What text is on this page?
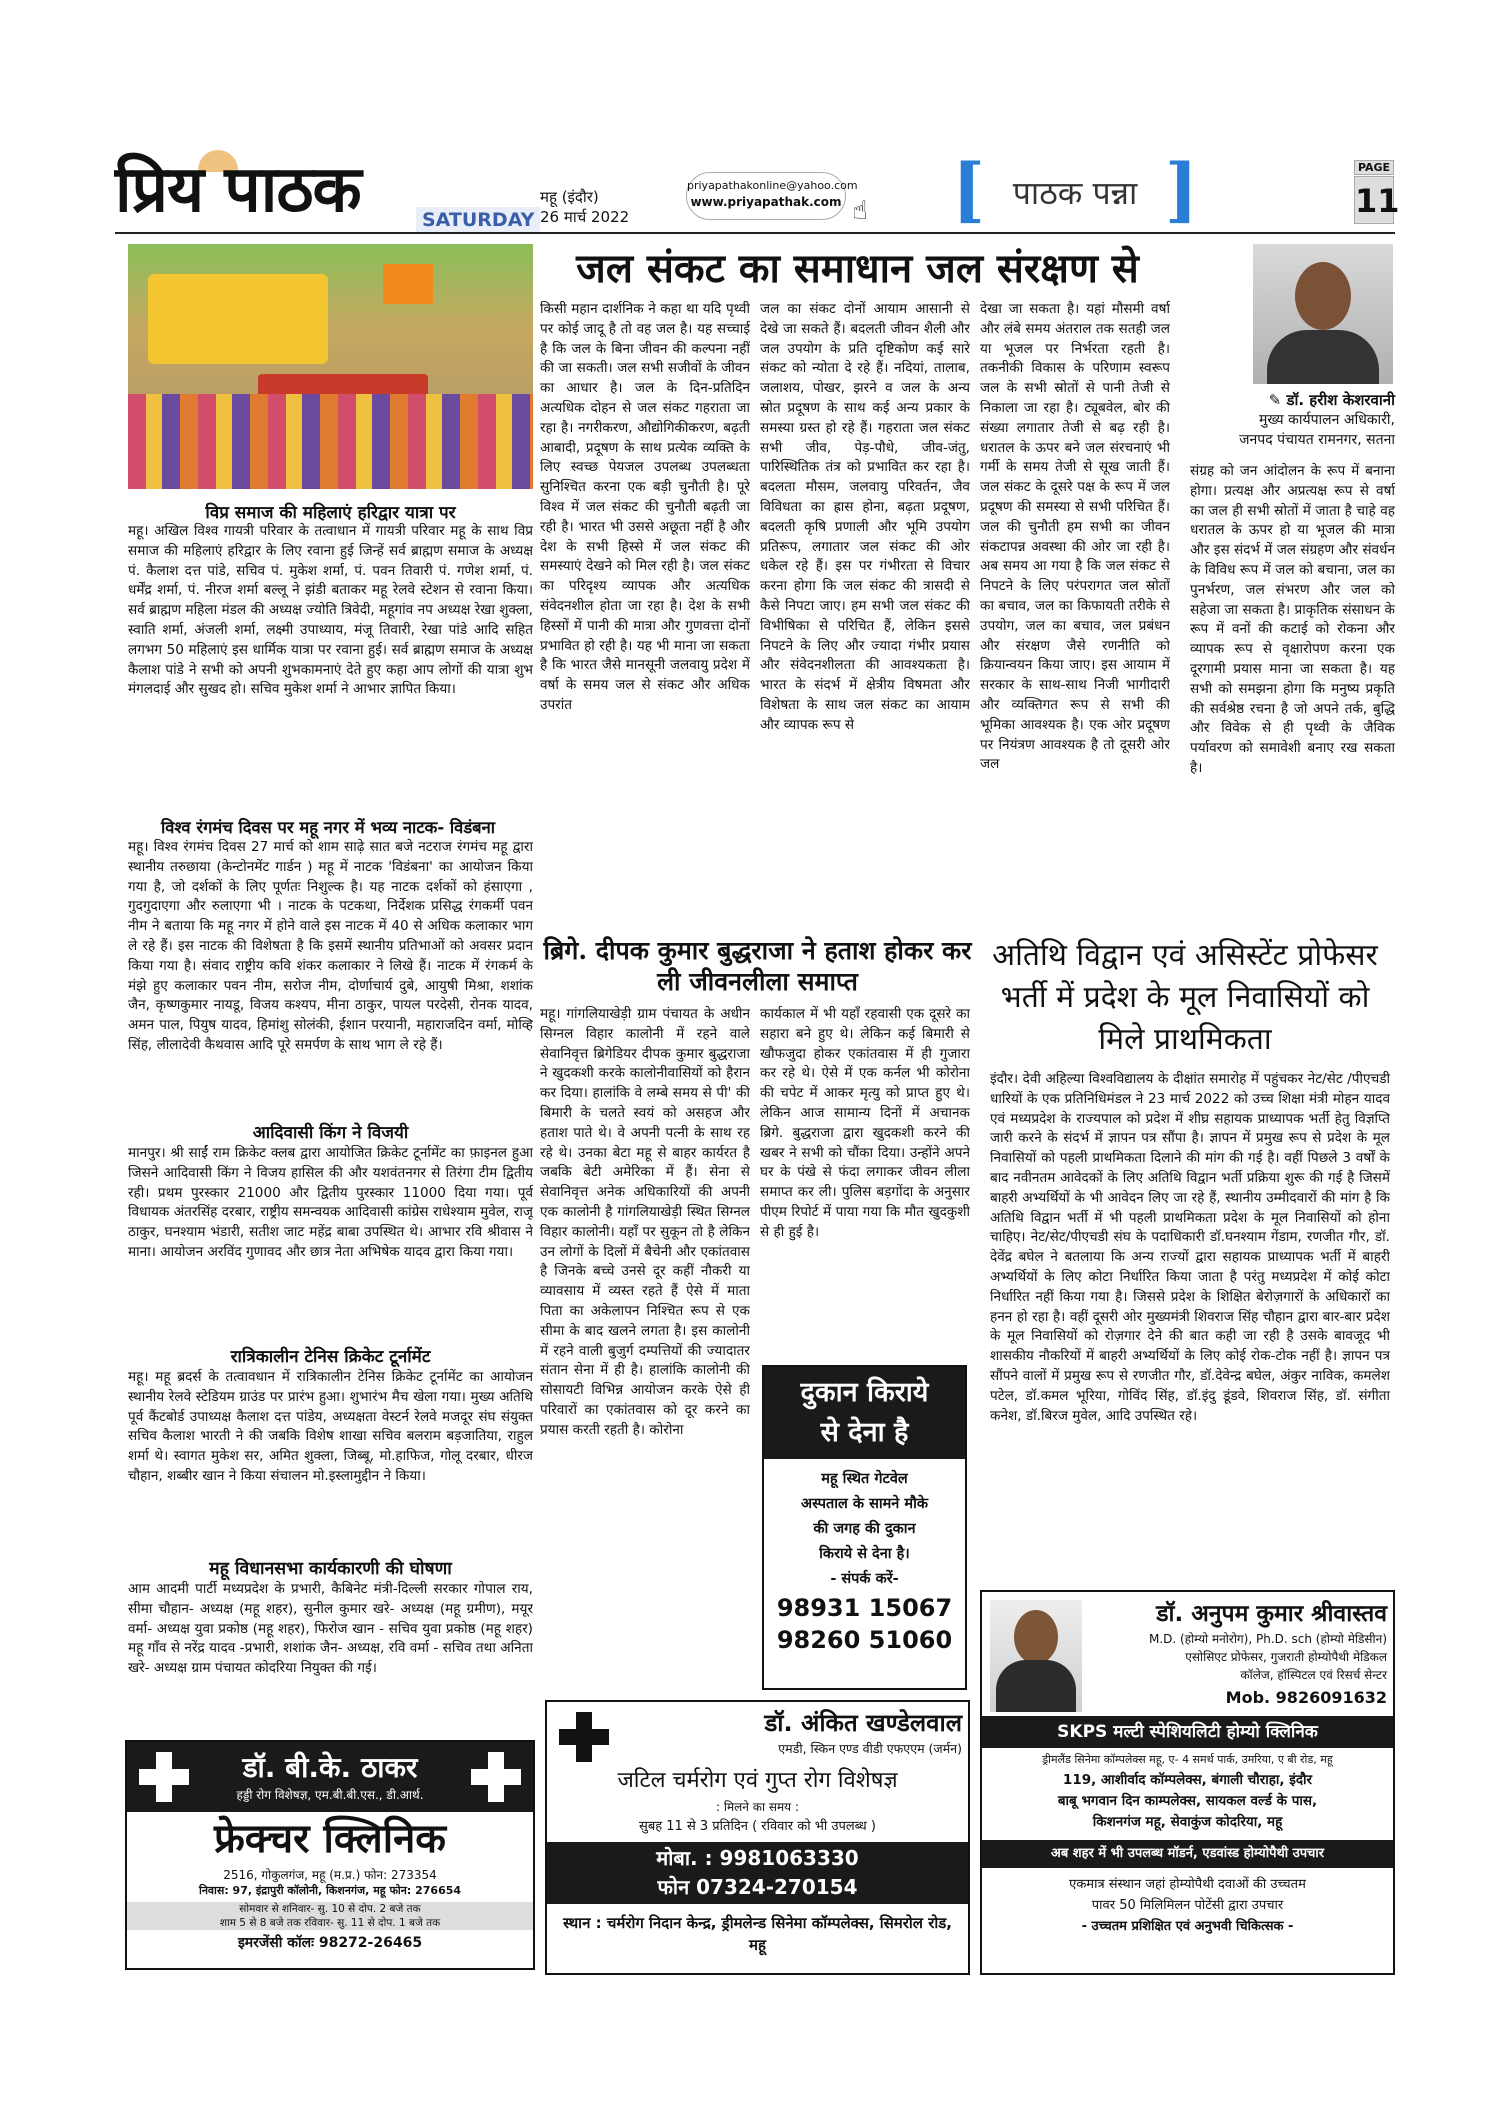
प्रिय पाठक	SATURDAY
महू (इंदौर)
26 मार्च 2022
priyapathakonline@yahoo.com
www.priyapathak.com ☝ [ पाठक पन्ना ]	PAGE
11
विप्र समाज की महिलाएं हरिद्वार यात्रा पर
महू। अखिल विश्व गायत्री परिवार के तत्वाधान में गायत्री परिवार महू के साथ विप्र समाज की महिलाएं हरिद्वार के लिए रवाना हुई जिन्हें सर्व ब्राह्मण समाज के अध्यक्ष पं. कैलाश दत्त पांडे, सचिव पं. मुकेश शर्मा, पं. पवन तिवारी पं. गणेश शर्मा, पं. धर्मेंद्र शर्मा, पं. नीरज शर्मा बल्लू ने झंडी बताकर महू रेलवे स्टेशन से रवाना किया। सर्व ब्राह्मण महिला मंडल की अध्यक्ष ज्योति त्रिवेदी, महूगांव नप अध्यक्ष रेखा शुक्ला, स्वाति शर्मा, अंजली शर्मा, लक्ष्मी उपाध्याय, मंजू तिवारी, रेखा पांडे आदि सहित लगभग 50 महिलाएं इस धार्मिक यात्रा पर रवाना हुई। सर्व ब्राह्मण समाज के अध्यक्ष कैलाश पांडे ने सभी को अपनी शुभकामनाएं देते हुए कहा आप लोगों की यात्रा शुभ मंगलदाई और सुखद हो। सचिव मुकेश शर्मा ने आभार ज्ञापित किया।
विश्व रंगमंच दिवस पर महू नगर में भव्य नाटक- विडंबना
महू। विश्व रंगमंच दिवस 27 मार्च को शाम साढ़े सात बजे नटराज रंगमंच महू द्वारा स्थानीय तरुछाया (केन्टोनमेंट गार्डन ) महू में नाटक 'विडंबना' का आयोजन किया गया है, जो दर्शकों के लिए पूर्णतः निशुल्क है। यह नाटक दर्शकों को हंसाएगा , गुदगुदाएगा और रुलाएगा भी । नाटक के पटकथा, निर्देशक प्रसिद्ध रंगकर्मी पवन नीम ने बताया कि महू नगर में होने वाले इस नाटक में 40 से अधिक कलाकार भाग ले रहे हैं। इस नाटक की विशेषता है कि इसमें स्थानीय प्रतिभाओं को अवसर प्रदान किया गया है। संवाद राष्ट्रीय कवि शंकर कलाकार ने लिखे हैं। नाटक में रंगकर्म के मंझे हुए कलाकार पवन नीम, सरोज नीम, दोर्णाचार्य दुबे, आयुषी मिश्रा, शशांक जैन, कृष्णकुमार नायडू, विजय कश्यप, मीना ठाकुर, पायल परदेसी, रोनक यादव, अमन पाल, पियुष यादव, हिमांशु सोलंकी, ईशान परयानी, महाराजदिन वर्मा, मोव्हि सिंह, लीलादेवी कैथवास आदि पूरे समर्पण के साथ भाग ले रहे हैं।
आदिवासी किंग ने विजयी
मानपुर। श्री साईं राम क्रिकेट क्लब द्वारा आयोजित क्रिकेट टूर्नामेंट का फ़ाइनल हुआ जिसने आदिवासी किंग ने विजय हासिल की और यशवंतनगर से तिरंगा टीम द्वितीय रही। प्रथम पुरस्कार 21000 और द्वितीय पुरस्कार 11000 दिया गया। पूर्व विधायक अंतरसिंह दरबार, राष्ट्रीय समन्वयक आदिवासी कांग्रेस राधेश्याम मुवेल, राजू ठाकुर, घनश्याम भंडारी, सतीश जाट महेंद्र बाबा उपस्थित थे। आभार रवि श्रीवास ने माना। आयोजन अरविंद गुणावद और छात्र नेता अभिषेक यादव द्वारा किया गया।
रात्रिकालीन टेनिस क्रिकेट टूर्नामेंट
महू। महू ब्रदर्स के तत्वावधान में रात्रिकालीन टेनिस क्रिकेट टूर्नामेंट का आयोजन स्थानीय रेलवे स्टेडियम ग्राउंड पर प्रारंभ हुआ। शुभारंभ मैच खेला गया। मुख्य अतिथि पूर्व कैंटबोर्ड उपाध्यक्ष कैलाश दत्त पांडेय, अध्यक्षता वेस्टर्न रेलवे मजदूर संघ संयुक्त सचिव कैलाश भारती ने की जबकि विशेष शाखा सचिव बलराम बड़जातिया, राहुल शर्मा थे। स्वागत मुकेश सर, अमित शुक्ला, जिब्बू, मो.हाफिज, गोलू दरबार, धीरज चौहान, शब्बीर खान ने किया संचालन मो.इस्लामुद्दीन ने किया।
महू विधानसभा कार्यकारणी की घोषणा
आम आदमी पार्टी मध्यप्रदेश के प्रभारी, कैबिनेट मंत्री-दिल्ली सरकार गोपाल राय, सीमा चौहान- अध्यक्ष (महू शहर), सुनील कुमार खरे- अध्यक्ष (महू ग्रमीण), मयूर वर्मा- अध्यक्ष युवा प्रकोष्ठ (महू शहर), फिरोज खान - सचिव युवा प्रकोष्ठ (महू शहर) महू गाँव से नरेंद्र यादव -प्रभारी, शशांक जैन- अध्यक्ष, रवि वर्मा - सचिव तथा अनिता खरे- अध्यक्ष ग्राम पंचायत कोदरिया नियुक्त की गई।
डॉ. बी.के. ठाकर
हड्डी रोग विशेषज्ञ, एम.बी.बी.एस., डी.आर्थ.
फ्रेक्चर क्लिनिक
2516, गोकुलगंज, महू (म.प्र.) फोन: 273354
निवास: 97, इंद्रापुरी कॉलोनी, किशनगंज, महू फोन: 276654
सोमवार से शनिवार- सु. 10 से दोप. 2 बजे तक
शाम 5 से 8 बजे तक रविवार- सु. 11 से दोप. 1 बजे तक
इमरजेंसी कॉलः 98272-26465
जल संकट का समाधान जल संरक्षण से
किसी महान दार्शनिक ने कहा था यदि पृथ्वी पर कोई जादू है तो वह जल है। यह सच्चाई है कि जल के बिना जीवन की कल्पना नहीं की जा सकती। जल सभी सजीवों के जीवन का आधार है। जल के दिन-प्रतिदिन अत्यधिक दोहन से जल संकट गहराता जा रहा है। नगरीकरण, औद्योगिकीकरण, बढ़ती आबादी, प्रदूषण के साथ प्रत्येक व्यक्ति के लिए स्वच्छ पेयजल उपलब्ध उपलब्धता सुनिश्चित करना एक बड़ी चुनौती है। पूरे विश्व में जल संकट की चुनौती बढ़ती जा रही है। भारत भी उससे अछूता नहीं है और देश के सभी हिस्से में जल संकट की समस्याएं देखने को मिल रही है। जल संकट का परिदृश्य व्यापक और अत्यधिक संवेदनशील होता जा रहा है। देश के सभी हिस्सों में पानी की मात्रा और गुणवत्ता दोनों प्रभावित हो रही है। यह भी माना जा सकता है कि भारत जैसे मानसूनी जलवायु प्रदेश में वर्षा के समय जल से संकट और अधिक उपरांत
जल का संकट दोनों आयाम आसानी से देखे जा सकते हैं। बदलती जीवन शैली और जल उपयोग के प्रति दृष्टिकोण कई सारे संकट को न्योता दे रहे हैं। नदियां, तालाब, जलाशय, पोखर, झरने व जल के अन्य स्रोत प्रदूषण के साथ कई अन्य प्रकार के समस्या ग्रस्त हो रहे हैं। गहराता जल संकट सभी जीव, पेड़-पौधे, जीव-जंतु, पारिस्थितिक तंत्र को प्रभावित कर रहा है। बदलता मौसम, जलवायु परिवर्तन, जैव विविधता का ह्रास होना, बढ़ता प्रदूषण, बदलती कृषि प्रणाली और भूमि उपयोग प्रतिरूप, लगातार जल संकट की ओर धकेल रहे हैं। इस पर गंभीरता से विचार करना होगा कि जल संकट की त्रासदी से कैसे निपटा जाए। हम सभी जल संकट की विभीषिका से परिचित हैं, लेकिन इससे निपटने के लिए और ज्यादा गंभीर प्रयास और संवेदनशीलता की आवश्यकता है। भारत के संदर्भ में क्षेत्रीय विषमता और विशेषता के साथ जल संकट का आयाम और व्यापक रूप से
देखा जा सकता है। यहां मौसमी वर्षा और लंबे समय अंतराल तक सतही जल या भूजल पर निर्भरता रहती है। तकनीकी विकास के परिणाम स्वरूप जल के सभी स्रोतों से पानी तेजी से निकाला जा रहा है। ट्यूबवेल, बोर की संख्या लगातार तेजी से बढ़ रही है। धरातल के ऊपर बने जल संरचनाएं भी गर्मी के समय तेजी से सूख जाती हैं। जल संकट के दूसरे पक्ष के रूप में जल प्रदूषण की समस्या से सभी परिचित हैं। जल की चुनौती हम सभी का जीवन संकटापन्न अवस्था की ओर जा रही है। अब समय आ गया है कि जल संकट से निपटने के लिए परंपरागत जल स्रोतों का बचाव, जल का किफायती तरीके से उपयोग, जल का बचाव, जल प्रबंधन और संरक्षण जैसे रणनीति को क्रियान्वयन किया जाए। इस आयाम में सरकार के साथ-साथ निजी भागीदारी और व्यक्तिगत रूप से सभी की भूमिका आवश्यक है। एक ओर प्रदूषण पर नियंत्रण आवश्यक है तो दूसरी ओर जल
✎ डॉ. हरीश केशरवानी
मुख्य कार्यपालन अधिकारी,
जनपद पंचायत रामनगर, सतना
संग्रह को जन आंदोलन के रूप में बनाना होगा। प्रत्यक्ष और अप्रत्यक्ष रूप से वर्षा का जल ही सभी स्रोतों में जाता है चाहे वह धरातल के ऊपर हो या भूजल की मात्रा और इस संदर्भ में जल संग्रहण और संवर्धन के विविध रूप में जल को बचाना, जल का पुनर्भरण, जल संभरण और जल को सहेजा जा सकता है। प्राकृतिक संसाधन के रूप में वनों की कटाई को रोकना और व्यापक रूप से वृक्षारोपण करना एक दूरगामी प्रयास माना जा सकता है। यह सभी को समझना होगा कि मनुष्य प्रकृति की सर्वश्रेष्ठ रचना है जो अपने तर्क, बुद्धि और विवेक से ही पृथ्वी के जैविक पर्यावरण को समावेशी बनाए रख सकता है।
ब्रिगे. दीपक कुमार बुद्धराजा ने हताश होकर कर ली जीवनलीला समाप्त
महू। गांगलियाखेड़ी ग्राम पंचायत के अधीन सिग्नल विहार कालोनी में रहने वाले सेवानिवृत्त ब्रिगेडियर दीपक कुमार बुद्धराजा ने खुदकशी करके कालोनीवासियों को हैरान कर दिया। हालांकि वे लम्बे समय से पी' की बिमारी के चलते स्वयं को असहज और हताश पाते थे। वे अपनी पत्नी के साथ रह रहे थे। उनका बेटा महू से बाहर कार्यरत है जबकि बेटी अमेरिका में हैं। सेना से सेवानिवृत्त अनेक अधिकारियों की अपनी एक कालोनी है गांगलियाखेड़ी स्थित सिग्नल विहार कालोनी। यहाँ पर सुकून तो है लेकिन उन लोगों के दिलों में बैचेनी और एकांतवास है जिनके बच्चे उनसे दूर कहीं नौकरी या व्यावसाय में व्यस्त रहते हैं ऐसे में माता पिता का अकेलापन निश्चित रूप से एक सीमा के बाद खलने लगता है। इस कालोनी में रहने वाली बुजुर्ग दम्पत्तियों की ज्यादातर संतान सेना में ही है। हालांकि कालोनी की सोसायटी विभिन्न आयोजन करके ऐसे ही परिवारों का एकांतवास को दूर करने का प्रयास करती रहती है। कोरोना
कार्यकाल में भी यहाँ रहवासी एक दूसरे का सहारा बने हुए थे। लेकिन कई बिमारी से खौफजुदा होकर एकांतवास में ही गुजारा कर रहे थे। ऐसे में एक कर्नल भी कोरोना की चपेट में आकर मृत्यु को प्राप्त हुए थे। लेकिन आज सामान्य दिनों में अचानक ब्रिगे. बुद्धराजा द्वारा खुदकशी करने की खबर ने सभी को चौंका दिया। उन्होंने अपने घर के पंखे से फंदा लगाकर जीवन लीला समाप्त कर ली। पुलिस बड़गोंदा के अनुसार पीएम रिपोर्ट में पाया गया कि मौत खुदकुशी से ही हुई है।
दुकान किराये
से देना है
महू स्थित गेटवेल
अस्पताल के सामने मौके
की जगह की दुकान
किराये से देना है।
- संपर्क करें-
98931 15067
98260 51060
डॉ. अंकित खण्डेलवाल
एमडी, स्किन एण्ड वीडी एफएएम (जर्मन)
जटिल चर्मरोग एवं गुप्त रोग विशेषज्ञ
: मिलने का समय :
सुबह 11 से 3 प्रतिदिन ( रविवार को भी उपलब्ध )
मोबा. : 9981063330
फोन 07324-270154
स्थान : चर्मरोग निदान केन्द्र, ड्रीमलेन्ड सिनेमा कॉम्पलेक्स, सिमरोल रोड, महू
अतिथि विद्वान एवं असिस्टेंट प्रोफेसर भर्ती में प्रदेश के मूल निवासियों को मिले प्राथमिकता
इंदौर। देवी अहिल्या विश्वविद्यालय के दीक्षांत समारोह में पहुंचकर नेट/सेट /पीएचडी धारियों के एक प्रतिनिधिमंडल ने 23 मार्च 2022 को उच्च शिक्षा मंत्री मोहन यादव एवं मध्यप्रदेश के राज्यपाल को प्रदेश में शीघ्र सहायक प्राध्यापक भर्ती हेतु विज्ञप्ति जारी करने के संदर्भ में ज्ञापन पत्र सौंपा है। ज्ञापन में प्रमुख रूप से प्रदेश के मूल निवासियों को पहली प्राथमिकता दिलाने की मांग की गई है। वहीं पिछले 3 वर्षों के बाद नवीनतम आवेदकों के लिए अतिथि विद्वान भर्ती प्रक्रिया शुरू की गई है जिसमें बाहरी अभ्यर्थियों के भी आवेदन लिए जा रहे हैं, स्थानीय उम्मीदवारों की मांग है कि अतिथि विद्वान भर्ती में भी पहली प्राथमिकता प्रदेश के मूल निवासियों को होना चाहिए। नेट/सेट/पीएचडी संघ के पदाधिकारी डॉ.घनश्याम गेंडाम, रणजीत गौर, डॉ. देवेंद्र बघेल ने बतलाया कि अन्य राज्यों द्वारा सहायक प्राध्यापक भर्ती में बाहरी अभ्यर्थियों के लिए कोटा निर्धारित किया जाता है परंतु मध्यप्रदेश में कोई कोटा निर्धारित नहीं किया गया है। जिससे प्रदेश के शिक्षित बेरोज़गारों के अधिकारों का हनन हो रहा है। वहीं दूसरी ओर मुख्यमंत्री शिवराज सिंह चौहान द्वारा बार-बार प्रदेश के मूल निवासियों को रोज़गार देने की बात कही जा रही है उसके बावजूद भी शासकीय नौकरियों में बाहरी अभ्यर्थियों के लिए कोई रोक-टोक नहीं है। ज्ञापन पत्र सौंपने वालों में प्रमुख रूप से रणजीत गौर, डॉ.देवेन्द्र बघेल, अंकुर नाविक, कमलेश पटेल, डॉ.कमल भूरिया, गोविंद सिंह, डॉ.इंदु डूंडवे, शिवराज सिंह, डॉ. संगीता कनेश, डॉ.बिरज मुवेल, आदि उपस्थित रहे।
डॉ. अनुपम कुमार श्रीवास्तव
M.D. (होम्यो मनोरोग), Ph.D. sch (होम्यो मेडिसीन)
एसोसिएट प्रोफेसर, गुजराती होम्योपैथी मेडिकल
कॉलेज, हॉस्पिटल एवं रिसर्च सेन्टर
Mob. 9826091632
SKPS मल्टी स्पेशियलिटी होम्यो क्लिनिक
ड्रीमलैंड सिनेमा कॉम्पलेक्स महू, ए- 4 समर्थ पार्क, उमरिया, ए बी रोड, महू
119, आशीर्वाद कॉम्पलेक्स, बंगाली चौराहा, इंदौर
बाबू भगवान दिन काम्पलेक्स, सायकल वर्ल्ड के पास,
किशनगंज महू, सेवाकुंज कोदरिया, महू
अब शहर में भी उपलब्ध मॉडर्न, एडवांस्ड होम्योपैथी उपचार
एकमात्र संस्थान जहां होम्योपैथी दवाओं की उच्चतम
पावर 50 मिलिमिलन पोटेंसी द्वारा उपचार
- उच्चतम प्रशिक्षित एवं अनुभवी चिकित्सक -
